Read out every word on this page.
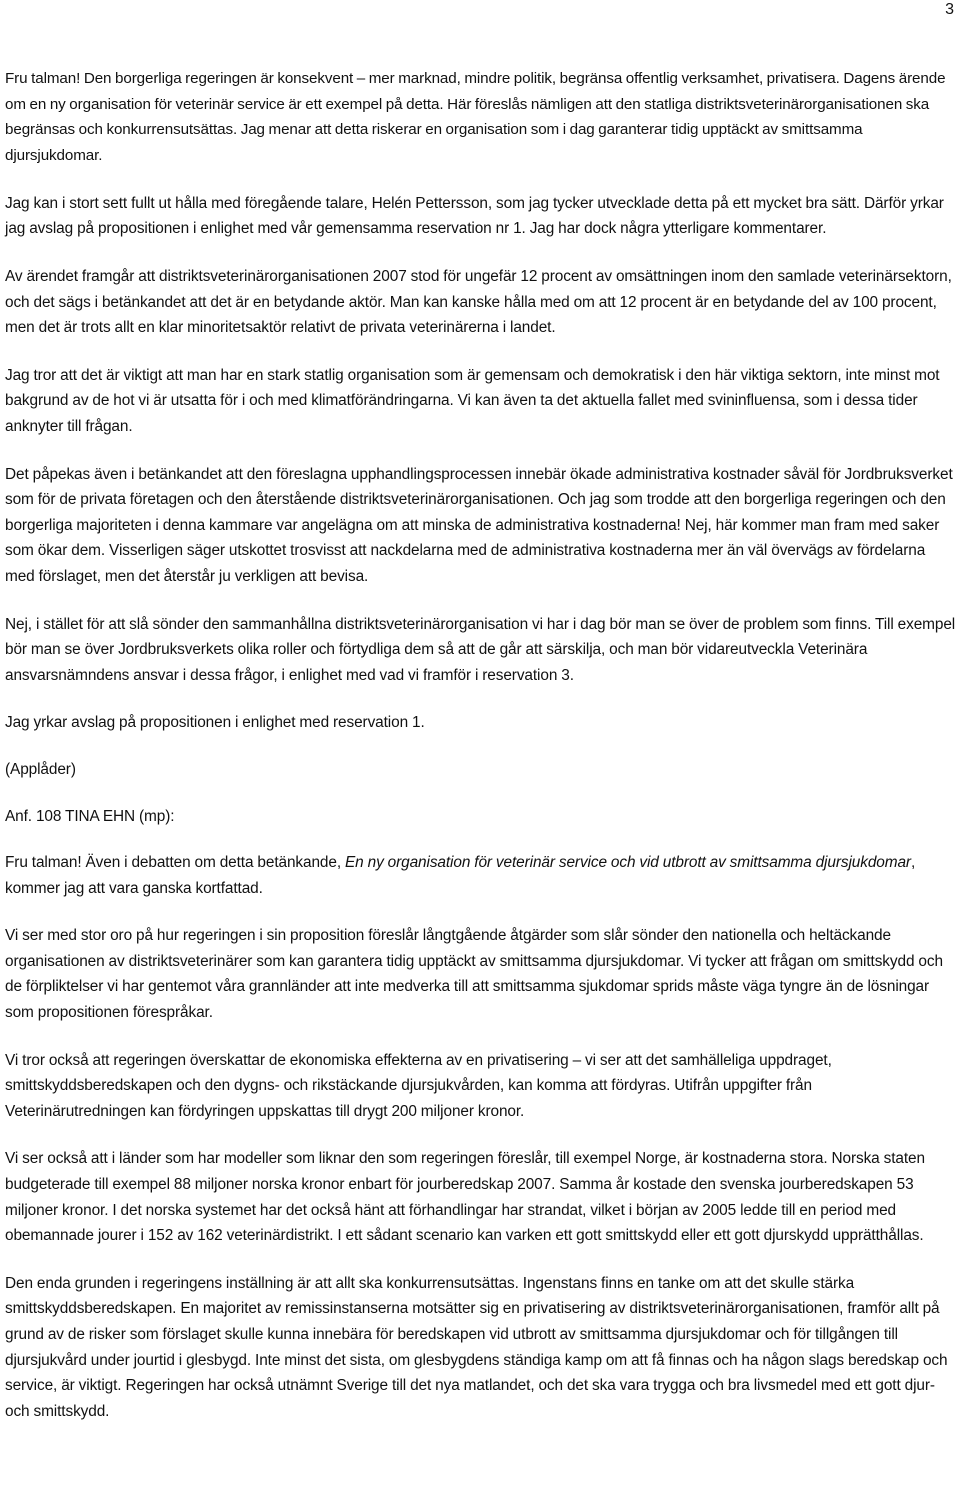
3

Fru talman! Den borgerliga regeringen är konsekvent – mer marknad, mindre politik, begränsa offentlig verksamhet, privatisera. Dagens ärende om en ny organisation för veterinär service är ett exempel på detta. Här föreslås nämligen att den statliga distriktsveterinärorganisationen ska begränsas och konkurrensutsättas. Jag menar att detta riskerar en organisation som i dag garanterar tidig upptäckt av smittsamma djursjukdomar.

Jag kan i stort sett fullt ut hålla med föregående talare, Helén Pettersson, som jag tycker utvecklade detta på ett mycket bra sätt. Därför yrkar jag avslag på propositionen i enlighet med vår gemensamma reservation nr 1. Jag har dock några ytterligare kommentarer.

Av ärendet framgår att distriktsveterinärorganisationen 2007 stod för ungefär 12 procent av omsättningen inom den samlade veterinärsektorn, och det sägs i betänkandet att det är en betydande aktör. Man kan kanske hålla med om att 12 procent är en betydande del av 100 procent, men det är trots allt en klar minoritetsaktör relativt de privata veterinärerna i landet.

Jag tror att det är viktigt att man har en stark statlig organisation som är gemensam och demokratisk i den här viktiga sektorn, inte minst mot bakgrund av de hot vi är utsatta för i och med klimatförändringarna. Vi kan även ta det aktuella fallet med svininfluensa, som i dessa tider anknyter till frågan.

Det påpekas även i betänkandet att den föreslagna upphandlingsprocessen innebär ökade administrativa kostnader såväl för Jordbruksverket som för de privata företagen och den återstående distriktsveterinärorganisationen. Och jag som trodde att den borgerliga regeringen och den borgerliga majoriteten i denna kammare var angelägna om att minska de administrativa kostnaderna! Nej, här kommer man fram med saker som ökar dem. Visserligen säger utskottet trosvisst att nackdelarna med de administrativa kostnaderna mer än väl övervägs av fördelarna med förslaget, men det återstår ju verkligen att bevisa.

Nej, i stället för att slå sönder den sammanhållna distriktsveterinärorganisation vi har i dag bör man se över de problem som finns. Till exempel bör man se över Jordbruksverkets olika roller och förtydliga dem så att de går att särskilja, och man bör vidareutveckla Veterinära ansvarsnämndens ansvar i dessa frågor, i enlighet med vad vi framför i reservation 3.

Jag yrkar avslag på propositionen i enlighet med reservation 1.

(Applåder)

Anf. 108 TINA EHN (mp):

Fru talman! Även i debatten om detta betänkande, En ny organisation för veterinär service och vid utbrott av smittsamma djursjukdomar, kommer jag att vara ganska kortfattad.

Vi ser med stor oro på hur regeringen i sin proposition föreslår långtgående åtgärder som slår sönder den nationella och heltäckande organisationen av distriktsveterinärer som kan garantera tidig upptäckt av smittsamma djursjukdomar. Vi tycker att frågan om smittskydd och de förpliktelser vi har gentemot våra grannländer att inte medverka till att smittsamma sjukdomar sprids måste väga tyngre än de lösningar som propositionen förespråkar.

Vi tror också att regeringen överskattar de ekonomiska effekterna av en privatisering – vi ser att det samhälleliga uppdraget, smittskyddsberedskapen och den dygns- och rikstäckande djursjukvården, kan komma att fördyras. Utifrån uppgifter från Veterinärutredningen kan fördyringen uppskattas till drygt 200 miljoner kronor.

Vi ser också att i länder som har modeller som liknar den som regeringen föreslår, till exempel Norge, är kostnaderna stora. Norska staten budgeterade till exempel 88 miljoner norska kronor enbart för jourberedskap 2007. Samma år kostade den svenska jourberedskapen 53 miljoner kronor. I det norska systemet har det också hänt att förhandlingar har strandat, vilket i början av 2005 ledde till en period med obemannade jourer i 152 av 162 veterinärdistrikt. I ett sådant scenario kan varken ett gott smittskydd eller ett gott djurskydd upprätthållas.

Den enda grunden i regeringens inställning är att allt ska konkurrensutsättas. Ingenstans finns en tanke om att det skulle stärka smittskyddsberedskapen. En majoritet av remissinstanserna motsätter sig en privatisering av distriktsveterinärorganisationen, framför allt på grund av de risker som förslaget skulle kunna innebära för beredskapen vid utbrott av smittsamma djursjukdomar och för tillgången till djursjukvård under jourtid i glesbygd. Inte minst det sista, om glesbygdens ständiga kamp om att få finnas och ha någon slags beredskap och service, är viktigt. Regeringen har också utnämnt Sverige till det nya matlandet, och det ska vara trygga och bra livsmedel med ett gott djur- och smittskydd.
